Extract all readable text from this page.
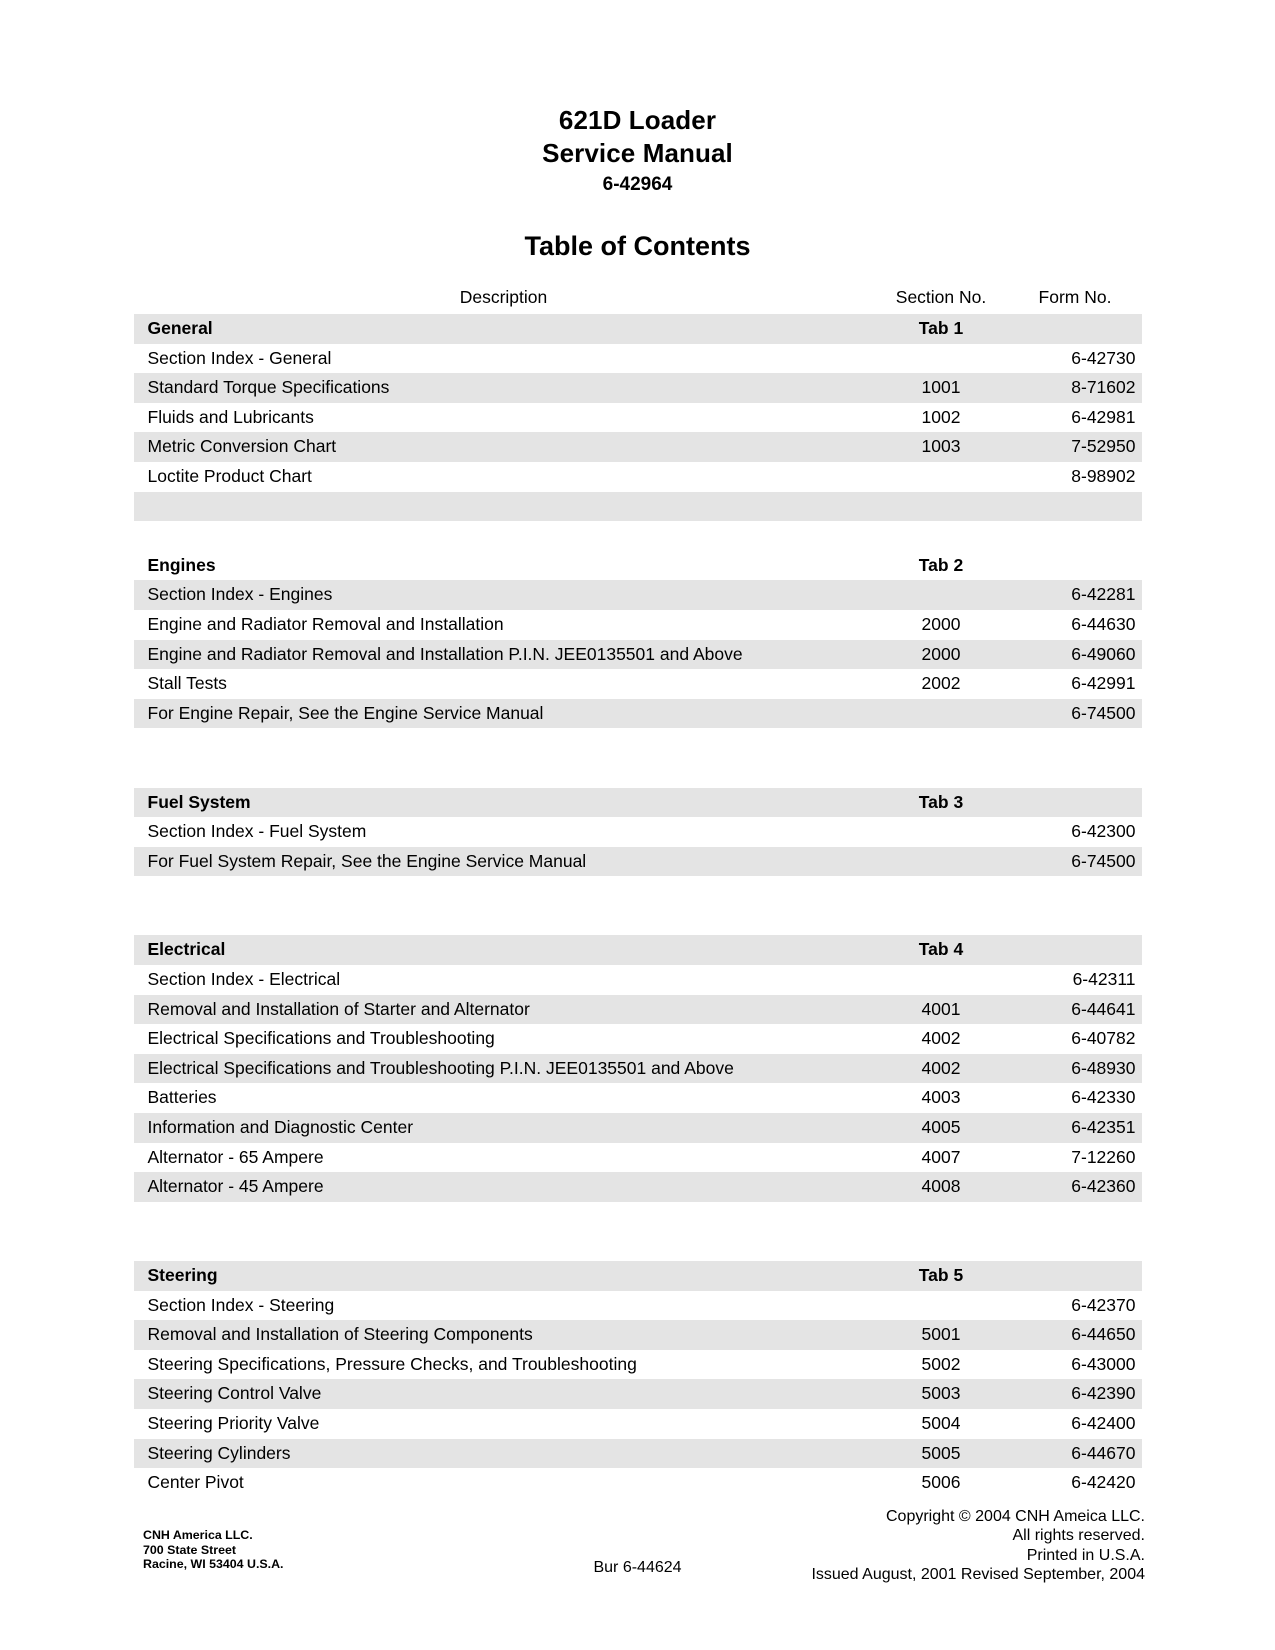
621D Loader
Service Manual
6-42964
Table of Contents
Description	Section No.	Form No.
General	Tab 1	
Section Index - General		6-42730
Standard Torque Specifications	1001	8-71602
Fluids and Lubricants	1002	6-42981
Metric Conversion Chart	1003	7-52950
Loctite Product Chart		8-98902

Engines	Tab 2	
Section Index - Engines		6-42281
Engine and Radiator Removal and Installation	2000	6-44630
Engine and Radiator Removal and Installation P.I.N. JEE0135501 and Above	2000	6-49060
Stall Tests	2002	6-42991
For Engine Repair, See the Engine Service Manual		6-74500

Fuel System	Tab 3	
Section Index - Fuel System		6-42300
For Fuel System Repair, See the Engine Service Manual		6-74500

Electrical	Tab 4	
Section Index - Electrical		6-42311
Removal and Installation of Starter and Alternator	4001	6-44641
Electrical Specifications and Troubleshooting	4002	6-40782
Electrical Specifications and Troubleshooting P.I.N. JEE0135501 and Above	4002	6-48930
Batteries	4003	6-42330
Information and Diagnostic Center	4005	6-42351
Alternator - 65 Ampere	4007	7-12260
Alternator - 45 Ampere	4008	6-42360

Steering	Tab 5	
Section Index - Steering		6-42370
Removal and Installation of Steering Components	5001	6-44650
Steering Specifications, Pressure Checks, and Troubleshooting	5002	6-43000
Steering Control Valve	5003	6-42390
Steering Priority Valve	5004	6-42400
Steering Cylinders	5005	6-44670
Center Pivot	5006	6-42420
CNH America LLC.
700 State Street
Racine, WI 53404 U.S.A.	Bur 6-44624
Copyright © 2004 CNH Ameica LLC.
All rights reserved.
Printed in U.S.A.
Issued August, 2001 Revised September, 2004
